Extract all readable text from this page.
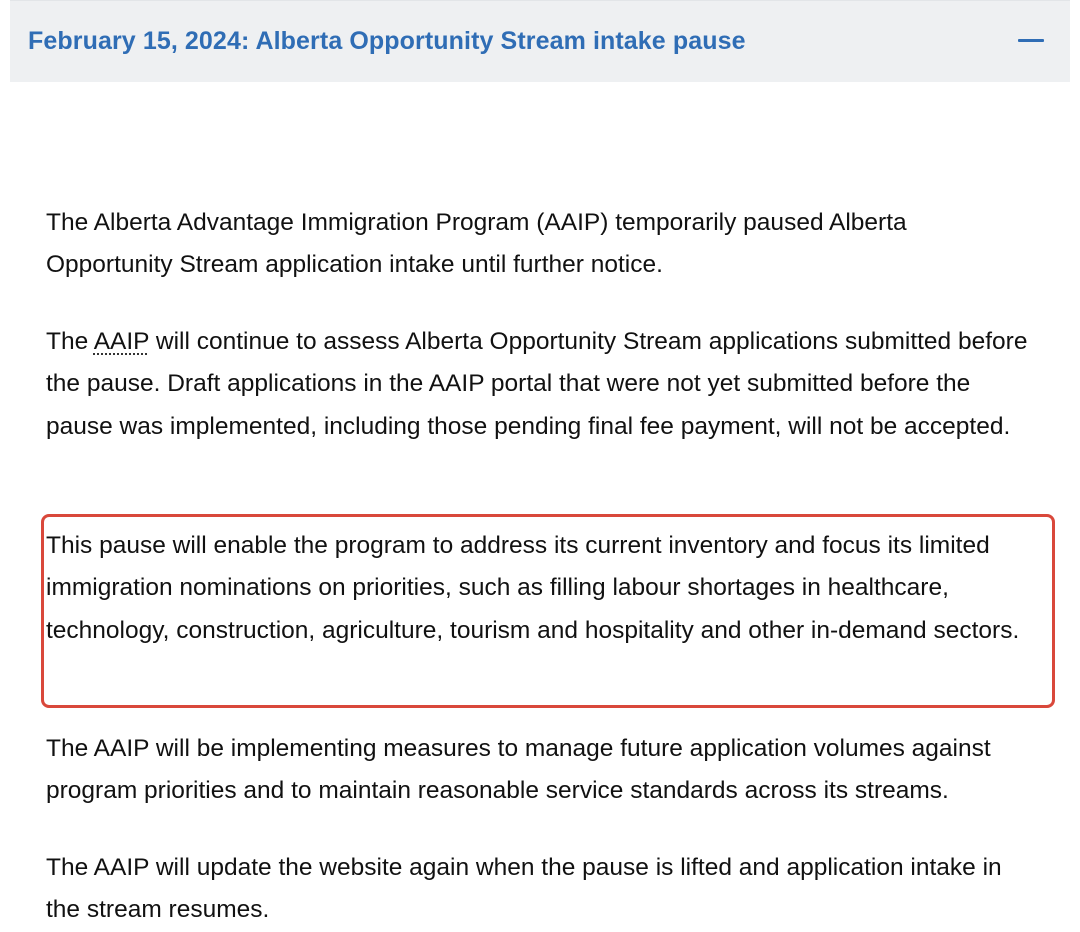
February 15, 2024: Alberta Opportunity Stream intake pause

The Alberta Advantage Immigration Program (AAIP) temporarily paused Alberta Opportunity Stream application intake until further notice.

The AAIP will continue to assess Alberta Opportunity Stream applications submitted before the pause. Draft applications in the AAIP portal that were not yet submitted before the pause was implemented, including those pending final fee payment, will not be accepted.

This pause will enable the program to address its current inventory and focus its limited immigration nominations on priorities, such as filling labour shortages in healthcare, technology, construction, agriculture, tourism and hospitality and other in-demand sectors.

The AAIP will be implementing measures to manage future application volumes against program priorities and to maintain reasonable service standards across its streams.

The AAIP will update the website again when the pause is lifted and application intake in the stream resumes.
